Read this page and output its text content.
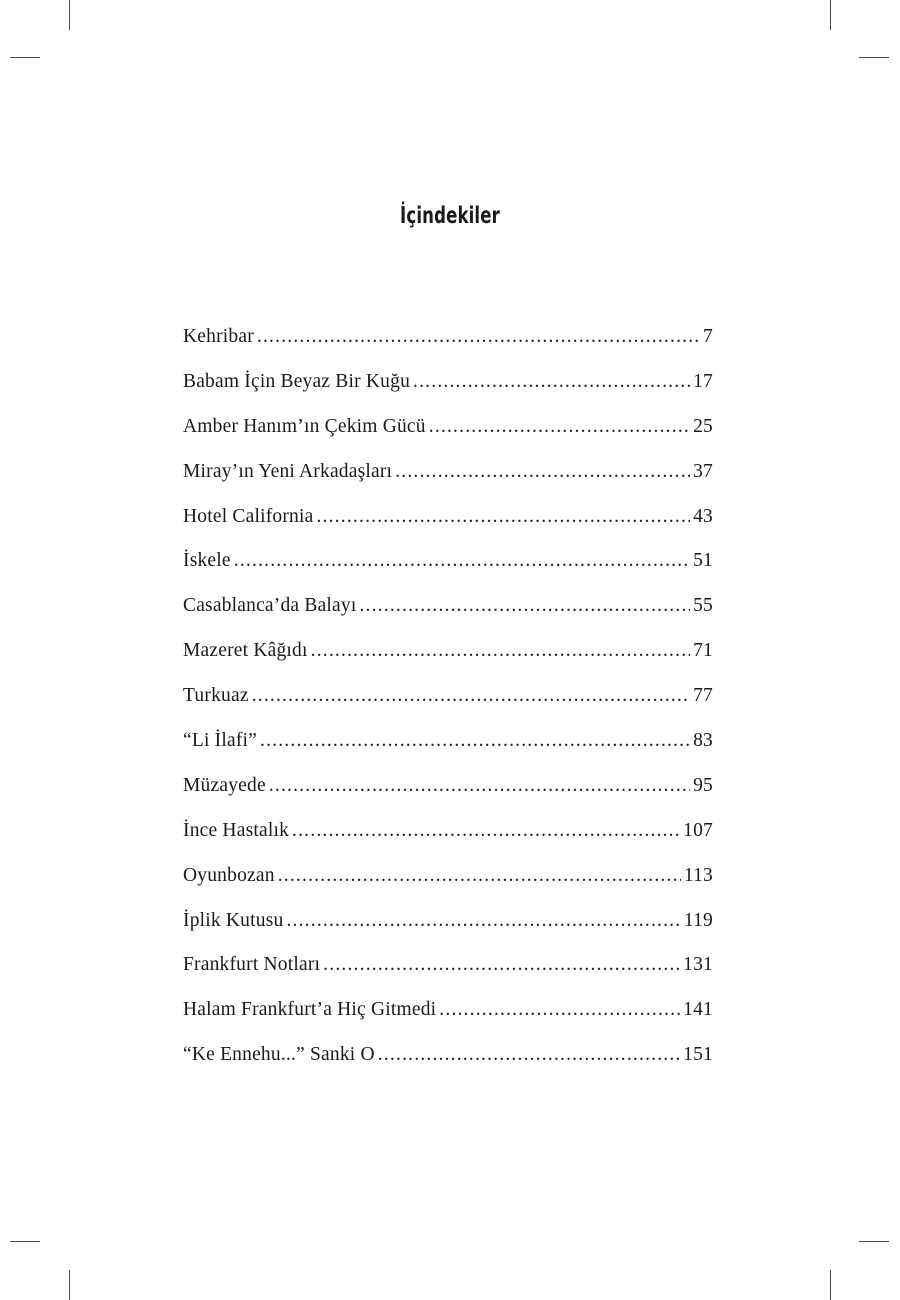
İçindekiler
Kehribar .....	7
Babam İçin Beyaz Bir Kuğu .....	17
Amber Hanım’ın Çekim Gücü .....	25
Miray’ın Yeni Arkadaşları .....	37
Hotel California .....	43
İskele .....	51
Casablanca’da Balayı .....	55
Mazeret Kâğıdı .....	71
Turkuaz .....	77
“Li İlafi” .....	83
Müzayede .....	95
İnce Hastalık .....	107
Oyunbozan .....	113
İplik Kutusu .....	119
Frankfurt Notları .....	131
Halam Frankfurt’a Hiç Gitmedi .....	141
“Ke Ennehu...” Sanki O .....	151
